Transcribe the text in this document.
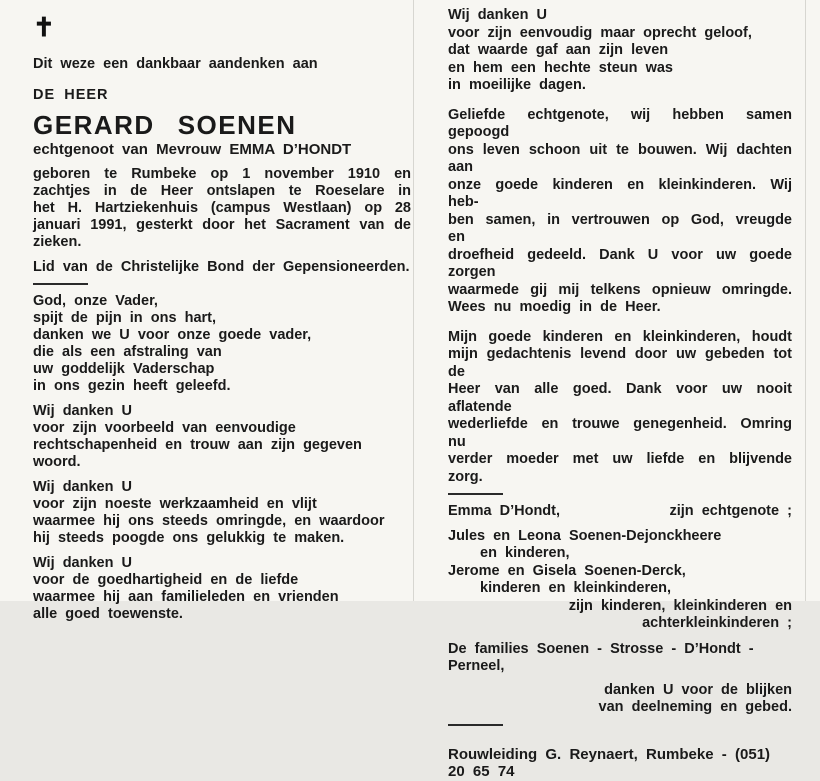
✝
Dit weze een dankbaar aandenken aan
DE HEER
GERARD SOENEN
echtgenoot van Mevrouw EMMA D’HONDT
geboren te Rumbeke op 1 november 1910 en
zachtjes in de Heer ontslapen te Roeselare in
het H. Hartziekenhuis (campus Westlaan) op 28
januari 1991, gesterkt door het Sacrament van de
zieken.
Lid van de Christelijke Bond der Gepensioneerden.
God, onze Vader,
spijt de pijn in ons hart,
danken we U voor onze goede vader,
die als een afstraling van
uw goddelijk Vaderschap
in ons gezin heeft geleefd.
Wij danken U
voor zijn voorbeeld van eenvoudige
rechtschapenheid en trouw aan zijn gegeven woord.
Wij danken U
voor zijn noeste werkzaamheid en vlijt
waarmee hij ons steeds omringde, en waardoor
hij steeds poogde ons gelukkig te maken.
Wij danken U
voor de goedhartigheid en de liefde
waarmee hij aan familieleden en vrienden
alle goed toewenste.
Wij danken U
voor zijn eenvoudig maar oprecht geloof,
dat waarde gaf aan zijn leven
en hem een hechte steun was
in moeilijke dagen.
Geliefde echtgenote, wij hebben samen gepoogd
ons leven schoon uit te bouwen. Wij dachten aan
onze goede kinderen en kleinkinderen. Wij heb-
ben samen, in vertrouwen op God, vreugde en
droefheid gedeeld. Dank U voor uw goede zorgen
waarmede gij mij telkens opnieuw omringde.
Wees nu moedig in de Heer.
Mijn goede kinderen en kleinkinderen, houdt
mijn gedachtenis levend door uw gebeden tot de
Heer van alle goed. Dank voor uw nooit aflatende
wederliefde en trouwe genegenheid. Omring nu
verder moeder met uw liefde en blijvende zorg.
Emma D’Hondt,	zijn echtgenote ;
Jules en Leona Soenen-Dejonckheere
en kinderen,
Jerome en Gisela Soenen-Derck,
kinderen en kleinkinderen,
zijn kinderen, kleinkinderen en
achterkleinkinderen ;
De families Soenen - Strosse - D’Hondt - Perneel,
danken U voor de blijken
van deelneming en gebed.
Rouwleiding G. Reynaert, Rumbeke - (051) 20 65 74
